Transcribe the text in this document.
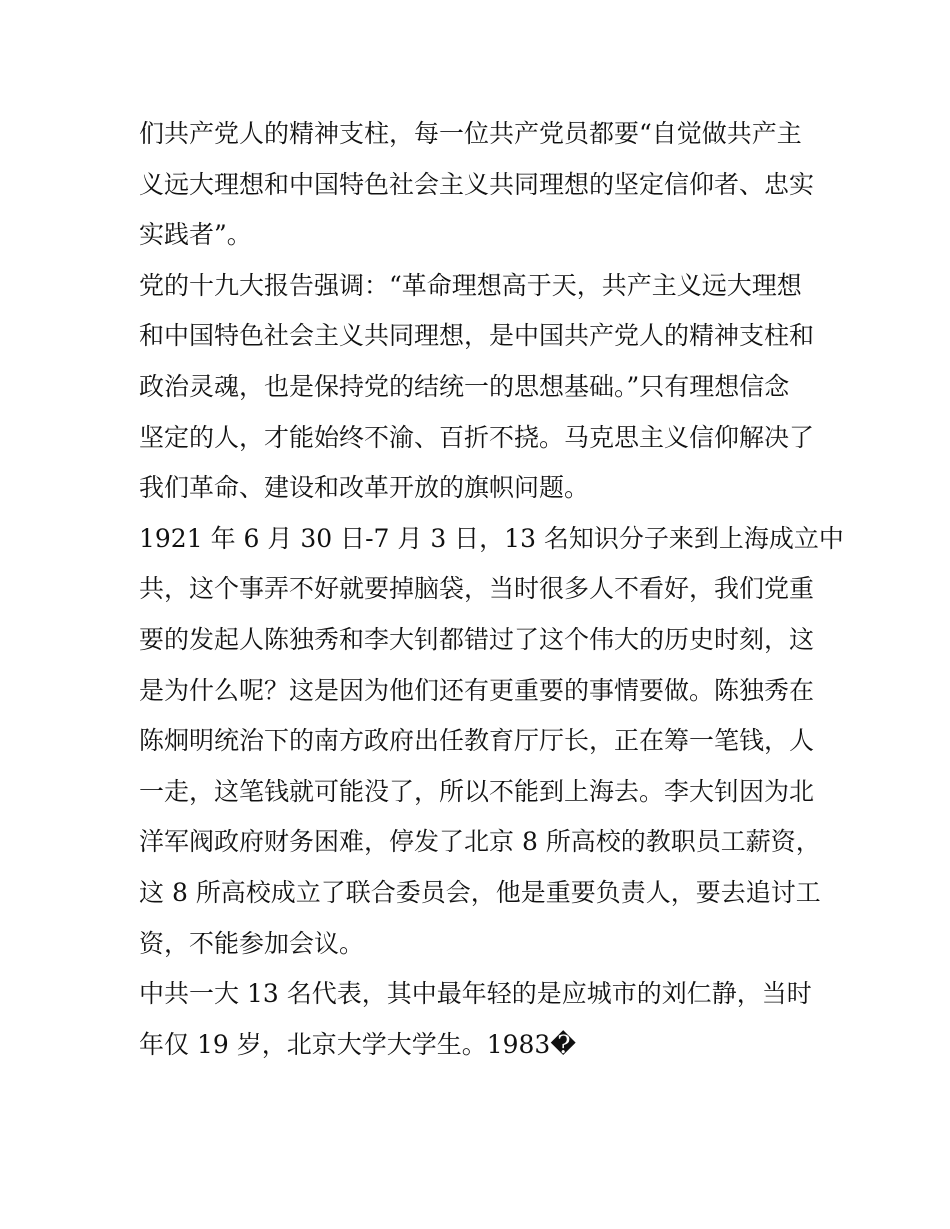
们共产党人的精神支柱，每一位共产党员都要“自觉做共产主
义远大理想和中国特色社会主义共同理想的坚定信仰者、忠实
实践者”。
党的十九大报告强调：“革命理想高于天，共产主义远大理想
和中国特色社会主义共同理想，是中国共产党人的精神支柱和
政治灵魂，也是保持党的结统一的思想基础。”只有理想信念
坚定的人，才能始终不渝、百折不挠。马克思主义信仰解决了
我们革命、建设和改革开放的旗帜问题。
1921 年 6 月 30 日-7 月 3 日，13 名知识分子来到上海成立中
共，这个事弄不好就要掉脑袋，当时很多人不看好，我们党重
要的发起人陈独秀和李大钊都错过了这个伟大的历史时刻，这
是为什么呢？这是因为他们还有更重要的事情要做。陈独秀在
陈炯明统治下的南方政府出任教育厅厅长，正在筹一笔钱，人
一走，这笔钱就可能没了，所以不能到上海去。李大钊因为北
洋军阀政府财务困难，停发了北京 8 所高校的教职员工薪资，
这 8 所高校成立了联合委员会，他是重要负责人，要去追讨工
资，不能参加会议。
中共一大 13 名代表，其中最年轻的是应城市的刘仁静，当时
年仅 19 岁，北京大学大学生。1983�
